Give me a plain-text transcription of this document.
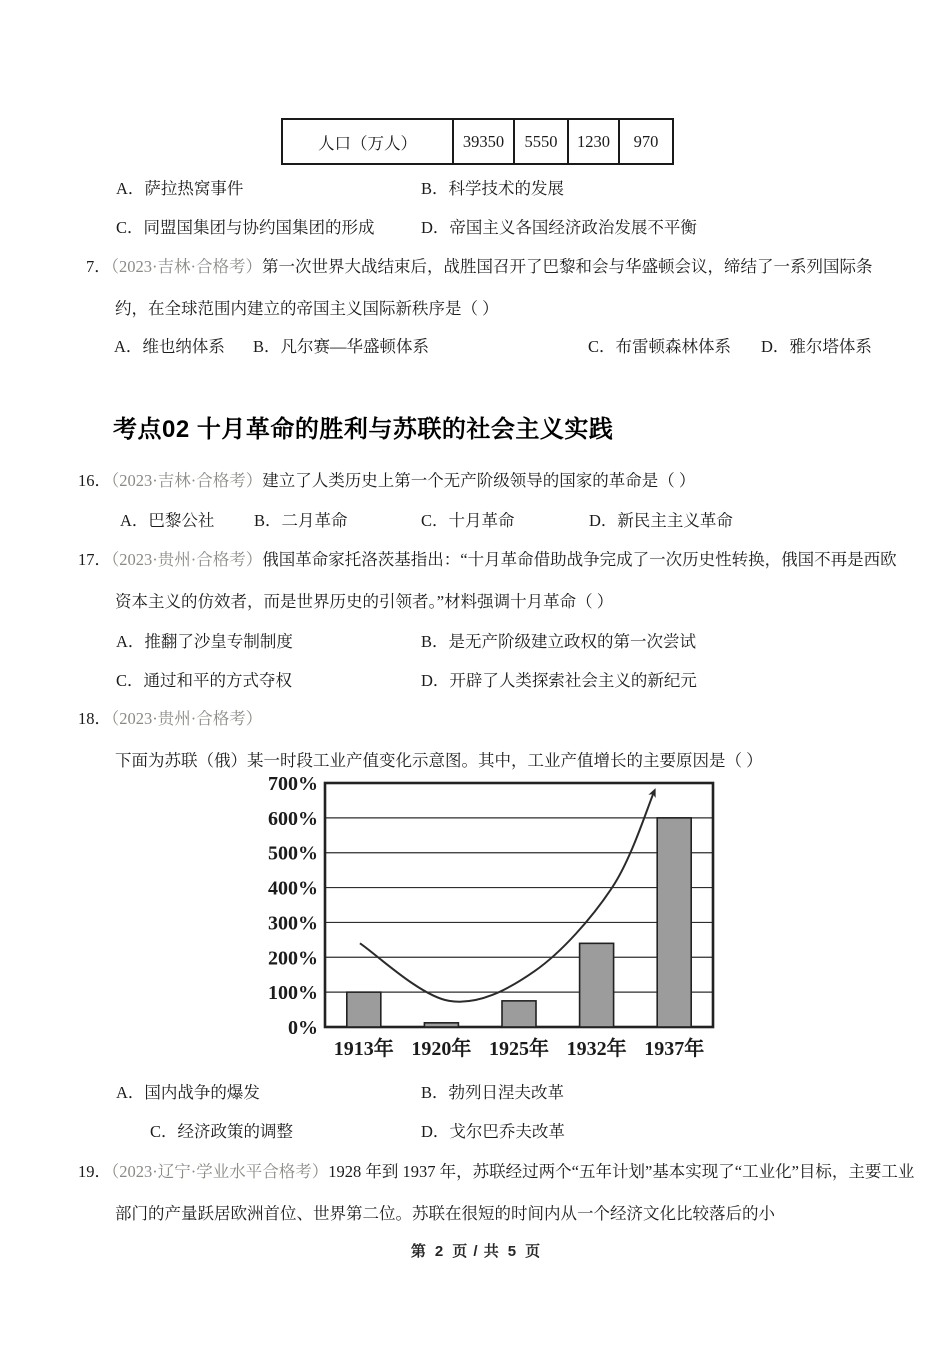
人口（万人）	39350	5550	1230	970
A．萨拉热窝事件	B．科学技术的发展
C．同盟国集团与协约国集团的形成	D．帝国主义各国经济政治发展不平衡
7．（2023·吉林·合格考）第一次世界大战结束后，战胜国召开了巴黎和会与华盛顿会议，缔结了一系列国际条约，在全球范围内建立的帝国主义国际新秩序是（ ）
A．维也纳体系 B．凡尔赛—华盛顿体系	C．布雷顿森林体系 D．雅尔塔体系
考点02 十月革命的胜利与苏联的社会主义实践
16．（2023·吉林·合格考）建立了人类历史上第一个无产阶级领导的国家的革命是（ ）
A．巴黎公社 B．二月革命	C．十月革命	D．新民主主义革命
17．（2023·贵州·合格考）俄国革命家托洛茨基指出：“十月革命借助战争完成了一次历史性转换，俄国不再是西欧资本主义的仿效者，而是世界历史的引领者。”材料强调十月革命（ ）
A．推翻了沙皇专制制度	B．是无产阶级建立政权的第一次尝试
C．通过和平的方式夺权	D．开辟了人类探索社会主义的新纪元
18．（2023·贵州·合格考）下面为苏联（俄）某一时段工业产值变化示意图。其中，工业产值增长的主要原因是（ ）
0%
100%
200%
300%
400%
500%
600%
700%
1913年 1920年 1925年 1932年 1937年
A．国内战争的爆发	B．勃列日涅夫改革
C．经济政策的调整	D．戈尔巴乔夫改革
19．（2023·辽宁·学业水平合格考）1928 年到 1937 年，苏联经过两个“五年计划”基本实现了“工业化”目标，主要工业部门的产量跃居欧洲首位、世界第二位。苏联在很短的时间内从一个经济文化比较落后的小
第 2 页 / 共 5 页
